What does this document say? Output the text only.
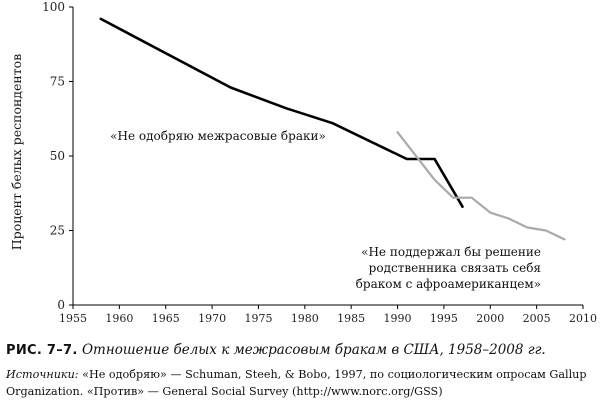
1955 1960 1965 1970 1975 1980 1985 1990 1995 2000 2005 2010
0
25
50
75
100
«Не одобряю межрасовые браки»
«Не поддержал бы решение
родственника связать себя
браком с афроамериканцем»
Процент белых респондентов
РИС. 7–7. Отношение белых к межрасовым бракам в США, 1958–2008 гг.
Источники: «Не одобряю» — Schuman, Steeh, & Bobo, 1997, по социологическим опросам Gallup
Organization. «Против» — General Social Survey (http://www.norc.org/GSS)
